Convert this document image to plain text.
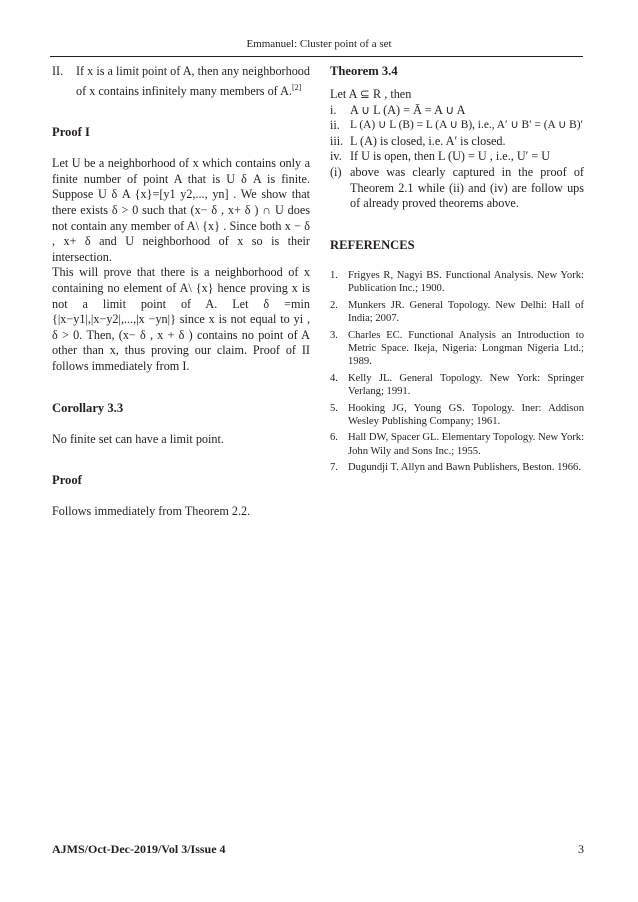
Emmanuel: Cluster point of a set
II.	If x is a limit point of A, then any neighborhood of x contains infinitely many members of A.[2]

Proof I

Let U be a neighborhood of x which contains only a finite number of point A that is U δ A is finite. Suppose U δ A {x}=[y1 y2,..., yn] . We show that there exists δ > 0 such that (x− δ , x+ δ ) ∩ U does not contain any member of A\ {x} . Since both x − δ , x+ δ and U neighborhood of x so is their intersection.

This will prove that there is a neighborhood of x containing no element of A\ {x} hence proving x is not a limit point of A. Let δ =min {|x−y1|,|x−y2|,...,|x −yn|} since x is not equal to yi , δ > 0. Then, (x− δ , x + δ ) contains no point of A other than x, thus proving our claim. Proof of II follows immediately from I.

Corollary 3.3

No finite set can have a limit point.

Proof

Follows immediately from Theorem 2.2.

Theorem 3.4

Let A ⊆ R , then

i.	A ∪ L (A) = Ā = A ∪ A
ii. L (A) ∪ L (B) = L (A ∪ B), i.e., A′ ∪ B′ = (A ∪ B)′
iii. L (A) is closed, i.e. A′ is closed.
iv. If U is open, then L (U) = U , i.e., U′ = U
(i) above was clearly captured in the proof of Theorem 2.1 while (ii) and (iv) are follow ups of already proved theorems above.

REFERENCES

1. Frigyes R, Nagyi BS. Functional Analysis. New York: Publication Inc.; 1900.
2. Munkers JR. General Topology. New Delhi: Hall of India; 2007.
3. Charles EC. Functional Analysis an Introduction to Metric Space. Ikeja, Nigeria: Longman Nigeria Ltd.; 1989.
4. Kelly JL. General Topology. New York: Springer Verlang; 1991.
5. Hooking JG, Young GS. Topology. Iner: Addison Wesley Publishing Company; 1961.
6. Hall DW, Spacer GL. Elementary Topology. New York: John Wily and Sons Inc.; 1955.
7. Dugundji T. Allyn and Bawn Publishers, Beston. 1966.
AJMS/Oct-Dec-2019/Vol 3/Issue 4	3
